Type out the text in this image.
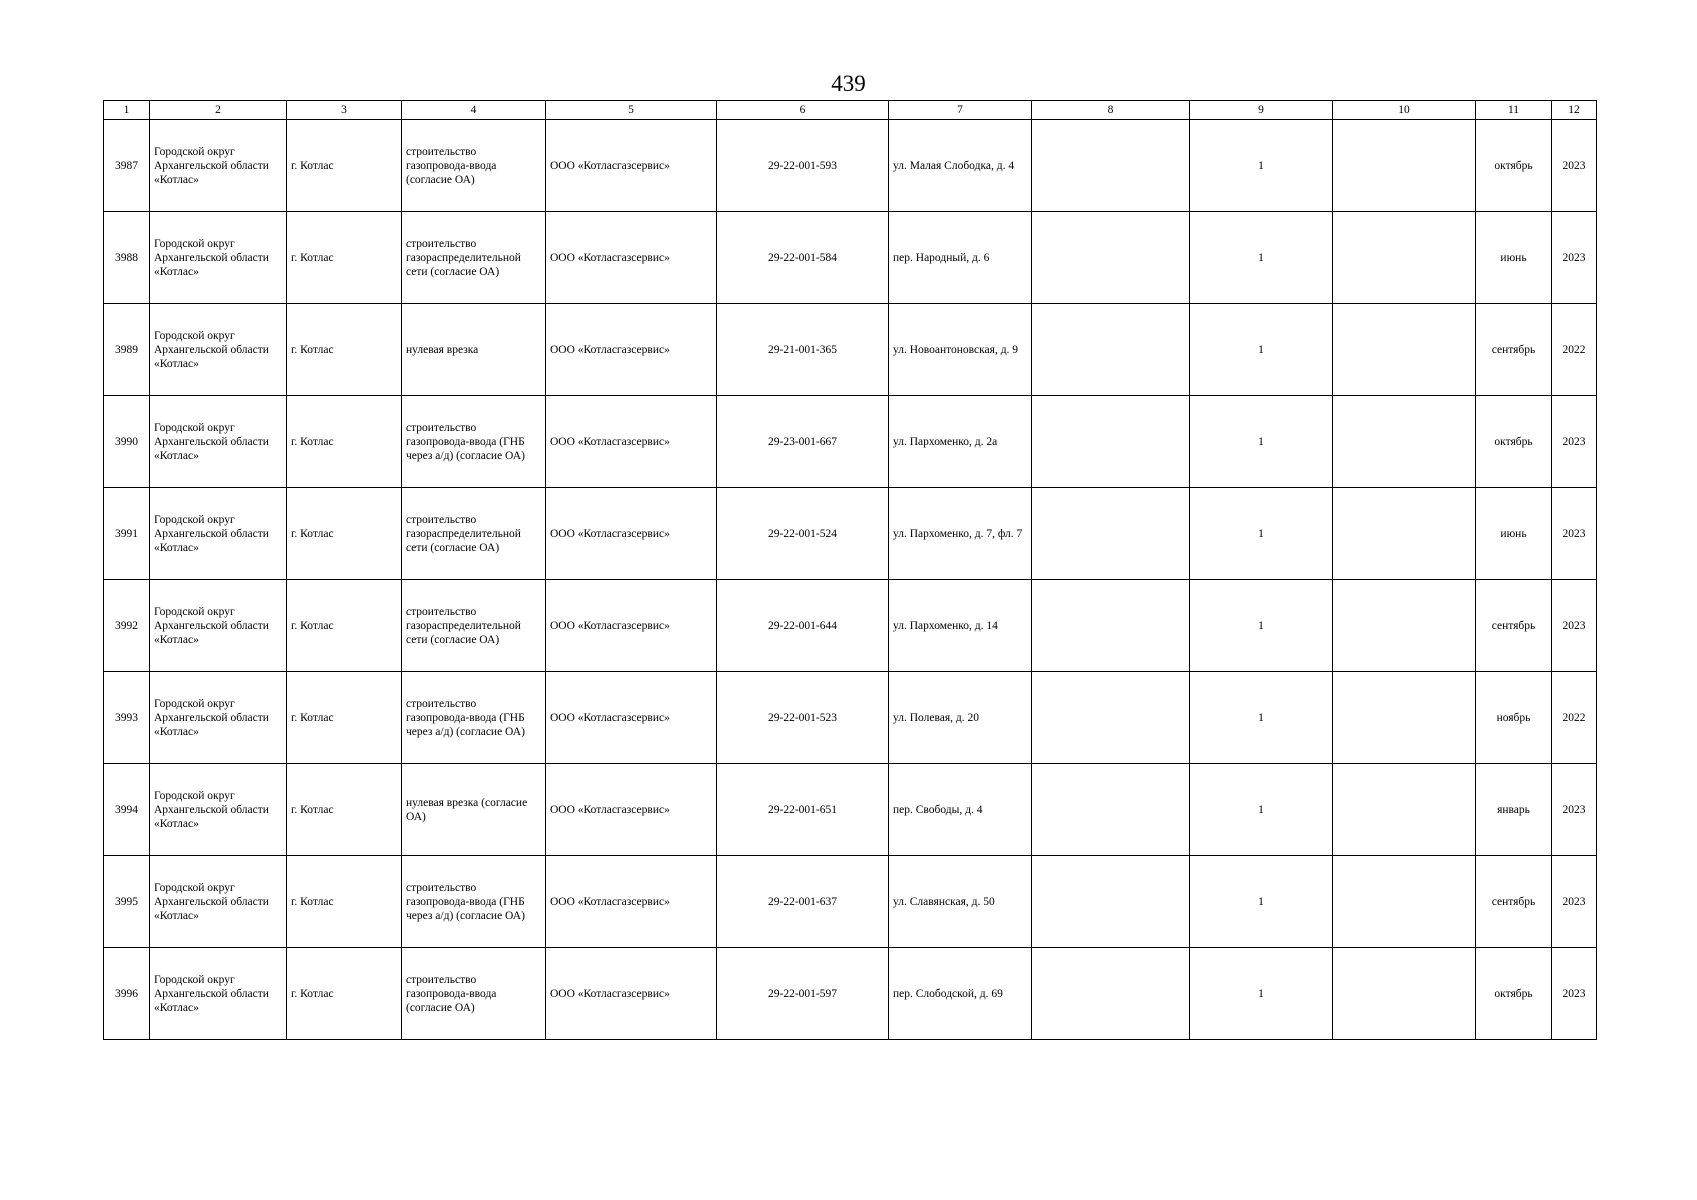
439
1	2	3	4	5	6	7	8	9	10	11	12
3987	Городской округ Архангельской области «Котлас»	г. Котлас	строительство газопровода-ввода (согласие ОА)	ООО «Котласгазсервис»	29-22-001-593	ул. Малая Слободка, д. 4		1		октябрь	2023
3988	Городской округ Архангельской области «Котлас»	г. Котлас	строительство газораспределительной сети (согласие ОА)	ООО «Котласгазсервис»	29-22-001-584	пер. Народный, д. 6		1		июнь	2023
3989	Городской округ Архангельской области «Котлас»	г. Котлас	нулевая врезка	ООО «Котласгазсервис»	29-21-001-365	ул. Новоантоновская, д. 9		1		сентябрь	2022
3990	Городской округ Архангельской области «Котлас»	г. Котлас	строительство газопровода-ввода (ГНБ через а/д) (согласие ОА)	ООО «Котласгазсервис»	29-23-001-667	ул. Пархоменко, д. 2а		1		октябрь	2023
3991	Городской округ Архангельской области «Котлас»	г. Котлас	строительство газораспределительной сети (согласие ОА)	ООО «Котласгазсервис»	29-22-001-524	ул. Пархоменко, д. 7, фл. 7		1		июнь	2023
3992	Городской округ Архангельской области «Котлас»	г. Котлас	строительство газораспределительной сети (согласие ОА)	ООО «Котласгазсервис»	29-22-001-644	ул. Пархоменко, д. 14		1		сентябрь	2023
3993	Городской округ Архангельской области «Котлас»	г. Котлас	строительство газопровода-ввода (ГНБ через а/д) (согласие ОА)	ООО «Котласгазсервис»	29-22-001-523	ул. Полевая, д. 20		1		ноябрь	2022
3994	Городской округ Архангельской области «Котлас»	г. Котлас	нулевая врезка (согласие ОА)	ООО «Котласгазсервис»	29-22-001-651	пер. Свободы, д. 4		1		январь	2023
3995	Городской округ Архангельской области «Котлас»	г. Котлас	строительство газопровода-ввода (ГНБ через а/д) (согласие ОА)	ООО «Котласгазсервис»	29-22-001-637	ул. Славянская, д. 50		1		сентябрь	2023
3996	Городской округ Архангельской области «Котлас»	г. Котлас	строительство газопровода-ввода (согласие ОА)	ООО «Котласгазсервис»	29-22-001-597	пер. Слободской, д. 69		1		октябрь	2023
